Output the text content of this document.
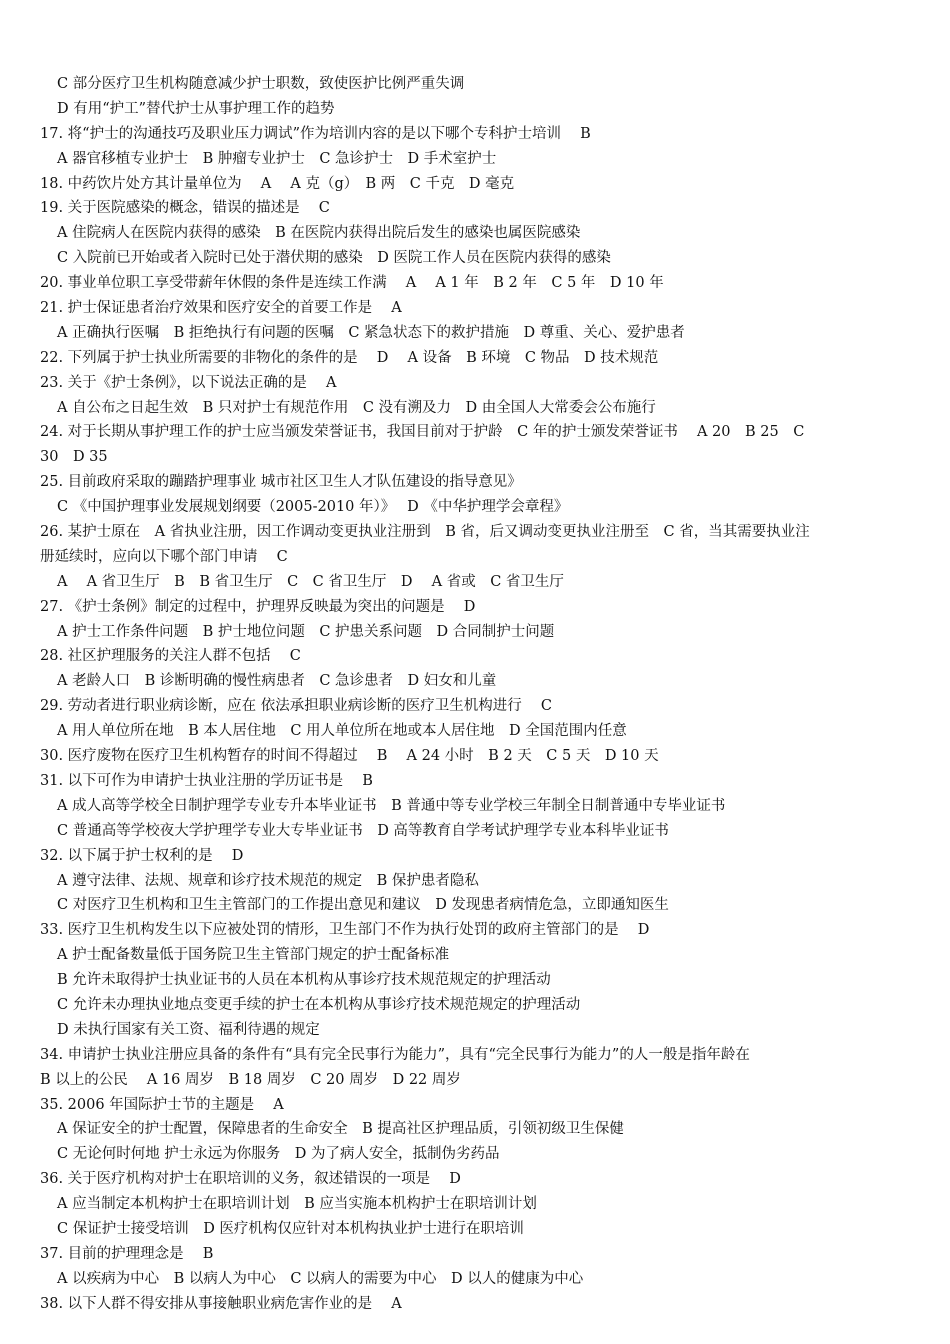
C 部分医疗卫生机构随意减少护士职数，致使医护比例严重失调
D 有用“护工”替代护士从事护理工作的趋势
17. 将“护士的沟通技巧及职业压力调试”作为培训内容的是以下哪个专科护士培训　 B
A 器官移植专业护士　B 肿瘤专业护士　C 急诊护士　D 手术室护士
18. 中药饮片处方其计量单位为　 A　 A 克（g）　B 两　C 千克　D 毫克
19. 关于医院感染的概念，错误的描述是　 C
A 住院病人在医院内获得的感染　B 在医院内获得出院后发生的感染也属医院感染
C 入院前已开始或者入院时已处于潜伏期的感染　D 医院工作人员在医院内获得的感染
20. 事业单位职工享受带薪年休假的条件是连续工作满　 A　 A 1 年　B 2 年　C 5 年　D 10 年
21. 护士保证患者治疗效果和医疗安全的首要工作是　 A
A 正确执行医嘱　B 拒绝执行有问题的医嘱　C 紧急状态下的救护措施　D 尊重、关心、爱护患者
22. 下列属于护士执业所需要的非物化的条件的是　 D　 A 设备　B 环境　C 物品　D 技术规范
23. 关于《护士条例》，以下说法正确的是　 A
A 自公布之日起生效　B 只对护士有规范作用　C 没有溯及力　D 由全国人大常委会公布施行
24. 对于长期从事护理工作的护士应当颁发荣誉证书，我国目前对于护龄　C 年的护士颁发荣誉证书　 A 20　B 25　C
30　D 35
25. 目前政府采取的蹦踏护理事业 城市社区卫生人才队伍建设的指导意见》
C 《中国护理事业发展规划纲要（2005-2010 年）》　 D 《中华护理学会章程》
26. 某护士原在　A 省执业注册，因工作调动变更执业注册到　B 省，后又调动变更执业注册至　C 省，当其需要执业注
册延续时，应向以下哪个部门申请　 C
A　 A 省卫生厅　B　B 省卫生厅　C　C 省卫生厅　D　 A 省或　C 省卫生厅
27. 《护士条例》制定的过程中，护理界反映最为突出的问题是　 D
A 护士工作条件问题　B 护士地位问题　C 护患关系问题　D 合同制护士问题
28. 社区护理服务的关注人群不包括　 C
A 老龄人口　B 诊断明确的慢性病患者　C 急诊患者　D 妇女和儿童
29. 劳动者进行职业病诊断，应在 依法承担职业病诊断的医疗卫生机构进行　 C
A 用人单位所在地　B 本人居住地　C 用人单位所在地或本人居住地　D 全国范围内任意
30. 医疗废物在医疗卫生机构暂存的时间不得超过　 B　 A 24 小时　B 2 天　C 5 天　D 10 天
31. 以下可作为申请护士执业注册的学历证书是　 B
A 成人高等学校全日制护理学专业专升本毕业证书　B 普通中等专业学校三年制全日制普通中专毕业证书
C 普通高等学校夜大学护理学专业大专毕业证书　D 高等教育自学考试护理学专业本科毕业证书
32. 以下属于护士权利的是　 D
A 遵守法律、法规、规章和诊疗技术规范的规定　B 保护患者隐私
C 对医疗卫生机构和卫生主管部门的工作提出意见和建议　D 发现患者病情危急，立即通知医生
33. 医疗卫生机构发生以下应被处罚的情形，卫生部门不作为执行处罚的政府主管部门的是　 D
A 护士配备数量低于国务院卫生主管部门规定的护士配备标准
B 允许未取得护士执业证书的人员在本机构从事诊疗技术规范规定的护理活动
C 允许未办理执业地点变更手续的护士在本机构从事诊疗技术规范规定的护理活动
D 未执行国家有关工资、福利待遇的规定
34. 申请护士执业注册应具备的条件有“具有完全民事行为能力”，具有“完全民事行为能力”的人一般是指年龄在
B 以上的公民　 A 16 周岁　B 18 周岁　C 20 周岁　D 22 周岁
35. 2006 年国际护士节的主题是　 A
A 保证安全的护士配置，保障患者的生命安全　B 提高社区护理品质，引领初级卫生保健
C 无论何时何地 护士永远为你服务　D 为了病人安全，抵制伪劣药品
36. 关于医疗机构对护士在职培训的义务，叙述错误的一项是　 D
A 应当制定本机构护士在职培训计划　B 应当实施本机构护士在职培训计划
C 保证护士接受培训　D 医疗机构仅应针对本机构执业护士进行在职培训
37. 目前的护理理念是　 B
A 以疾病为中心　B 以病人为中心　C 以病人的需要为中心　D 以人的健康为中心
38. 以下人群不得安排从事接触职业病危害作业的是　 A
